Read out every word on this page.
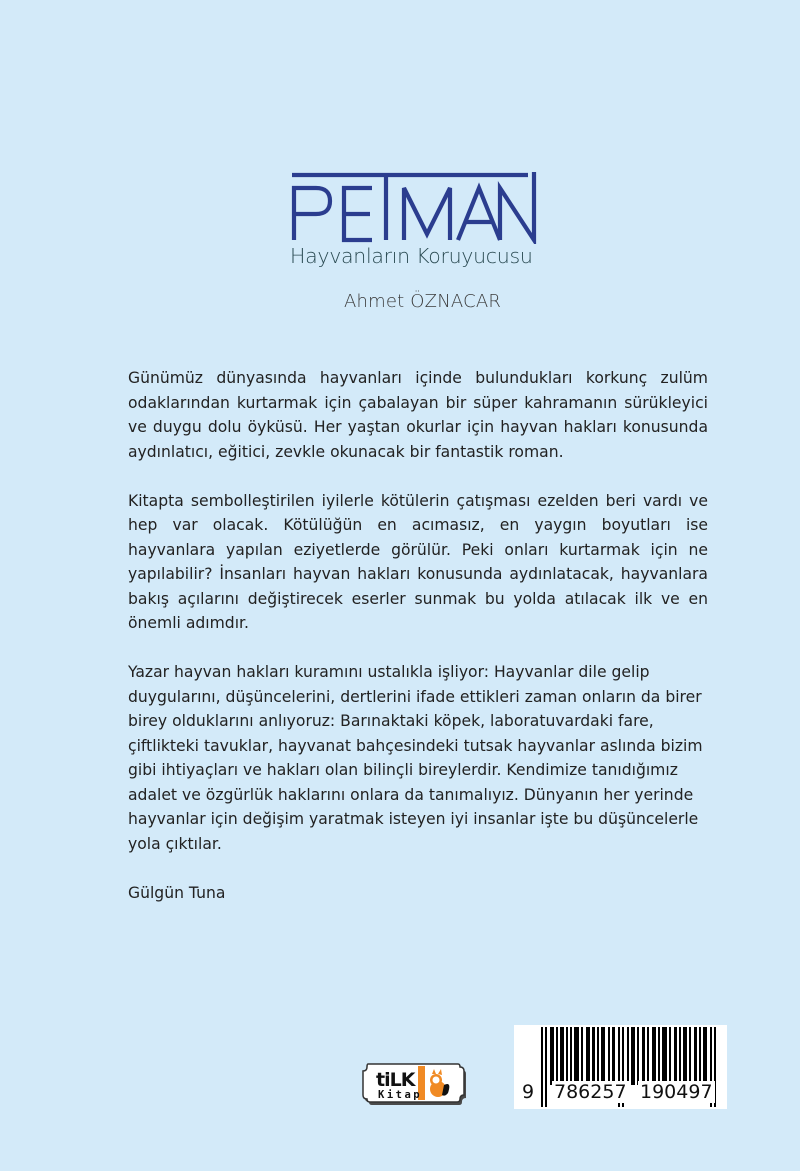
Hayvanların Koruyucusu
Ahmet ÖZNACAR

Günümüz dünyasında hayvanları içinde bulundukları korkunç zulüm odaklarından kurtarmak için çabalayan bir süper kahramanın sürükleyici ve duygu dolu öyküsü. Her yaştan okurlar için hayvan hakları konusunda aydınlatıcı, eğitici, zevkle okunacak bir fantastik roman.

Kitapta sembolleştirilen iyilerle kötülerin çatışması ezelden beri vardı ve hep var olacak. Kötülüğün en acımasız, en yaygın boyutları ise hayvanlara yapılan eziyetlerde görülür. Peki onları kurtarmak için ne yapılabilir? İnsanları hayvan hakları konusunda aydınlatacak, hayvanlara bakış açılarını değiştirecek eserler sunmak bu yolda atılacak ilk ve en önemli adımdır.

Yazar hayvan hakları kuramını ustalıkla işliyor: Hayvanlar dile gelip duygularını, düşüncelerini, dertlerini ifade ettikleri zaman onların da birer birey olduklarını anlıyoruz: Barınaktaki köpek, laboratuvardaki fare, çiftlikteki tavuklar, hayvanat bahçesindeki tutsak hayvanlar aslında bizim gibi ihtiyaçları ve hakları olan bilinçli bireylerdir. Kendimize tanıdığımız adalet ve özgürlük haklarını onlara da tanımalıyız. Dünyanın her yerinde hayvanlar için değişim yaratmak isteyen iyi insanlar işte bu düşüncelerle yola çıktılar.

Gülgün Tuna

tiLK
Kitap	9 786257 190497
